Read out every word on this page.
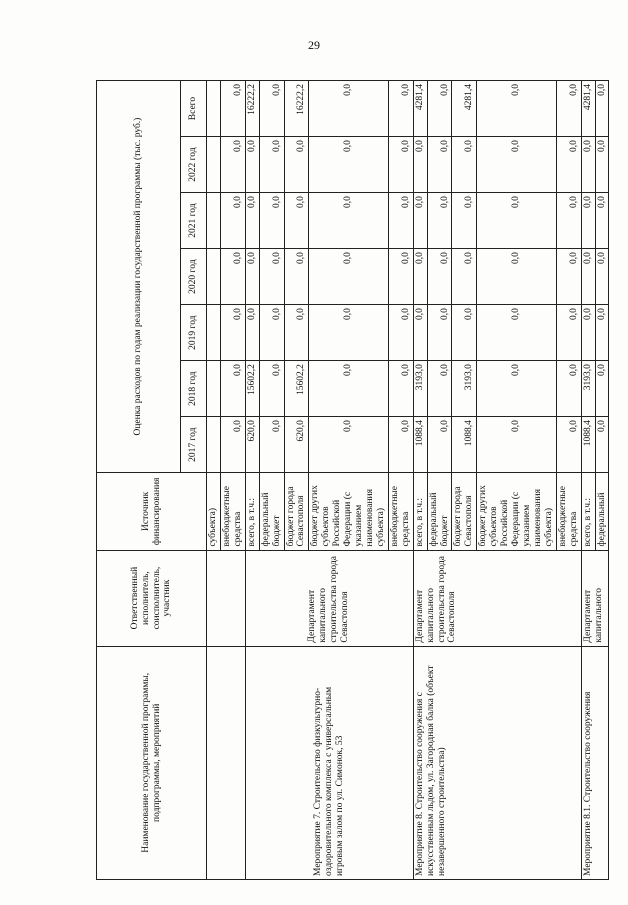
29
Наименование государственной программы, подпрограммы, мероприятий	Ответственный исполнитель, соисполнитель, участник	Источник финансирования	Оценка расходов по годам реализации государственной программы (тыс. руб.)						
			2017 год	2018 год	2019 год	2020 год	2021 год	2022 год	Всего
		субъекта)							
		внебюджетные средства	0,0	0,0	0,0	0,0	0,0	0,0	0,0
Мероприятие 7. Строительство физкультурно-оздоровительного комплекса с универсальным игровым залом по ул. Симонок, 53	Департамент капитального строительства города Севастополя	всего, в т.ч.:	620,0	15602,2	0,0	0,0	0,0	0,0	16222,2
		федеральный бюджет	0,0	0,0	0,0	0,0	0,0	0,0	0,0
		бюджет города Севастополя	620,0	15602,2	0,0	0,0	0,0	0,0	16222,2
		бюджет других субъектов Российской Федерации (с указанием наименования субъекта)	0,0	0,0	0,0	0,0	0,0	0,0	0,0
		внебюджетные средства	0,0	0,0	0,0	0,0	0,0	0,0	0,0
Мероприятие 8. Строительство сооружения с искусственным льдом, ул. Загородная балка (объект незавершенного строительства)	Департамент капитального строительства города Севастополя	всего, в т.ч.:	1088,4	3193,0	0,0	0,0	0,0	0,0	4281,4
		федеральный бюджет	0,0	0,0	0,0	0,0	0,0	0,0	0,0
		бюджет города Севастополя	1088,4	3193,0	0,0	0,0	0,0	0,0	4281,4
		бюджет других субъектов Российской Федерации (с указанием наименования субъекта)	0,0	0,0	0,0	0,0	0,0	0,0	0,0
		внебюджетные средства	0,0	0,0	0,0	0,0	0,0	0,0	0,0
Мероприятие 8.1. Строительство сооружения	Департамент капитального	всего, в т.ч.:	1088,4	3193,0	0,0	0,0	0,0	0,0	4281,4
		федеральный	0,0	0,0	0,0	0,0	0,0	0,0	0,0
